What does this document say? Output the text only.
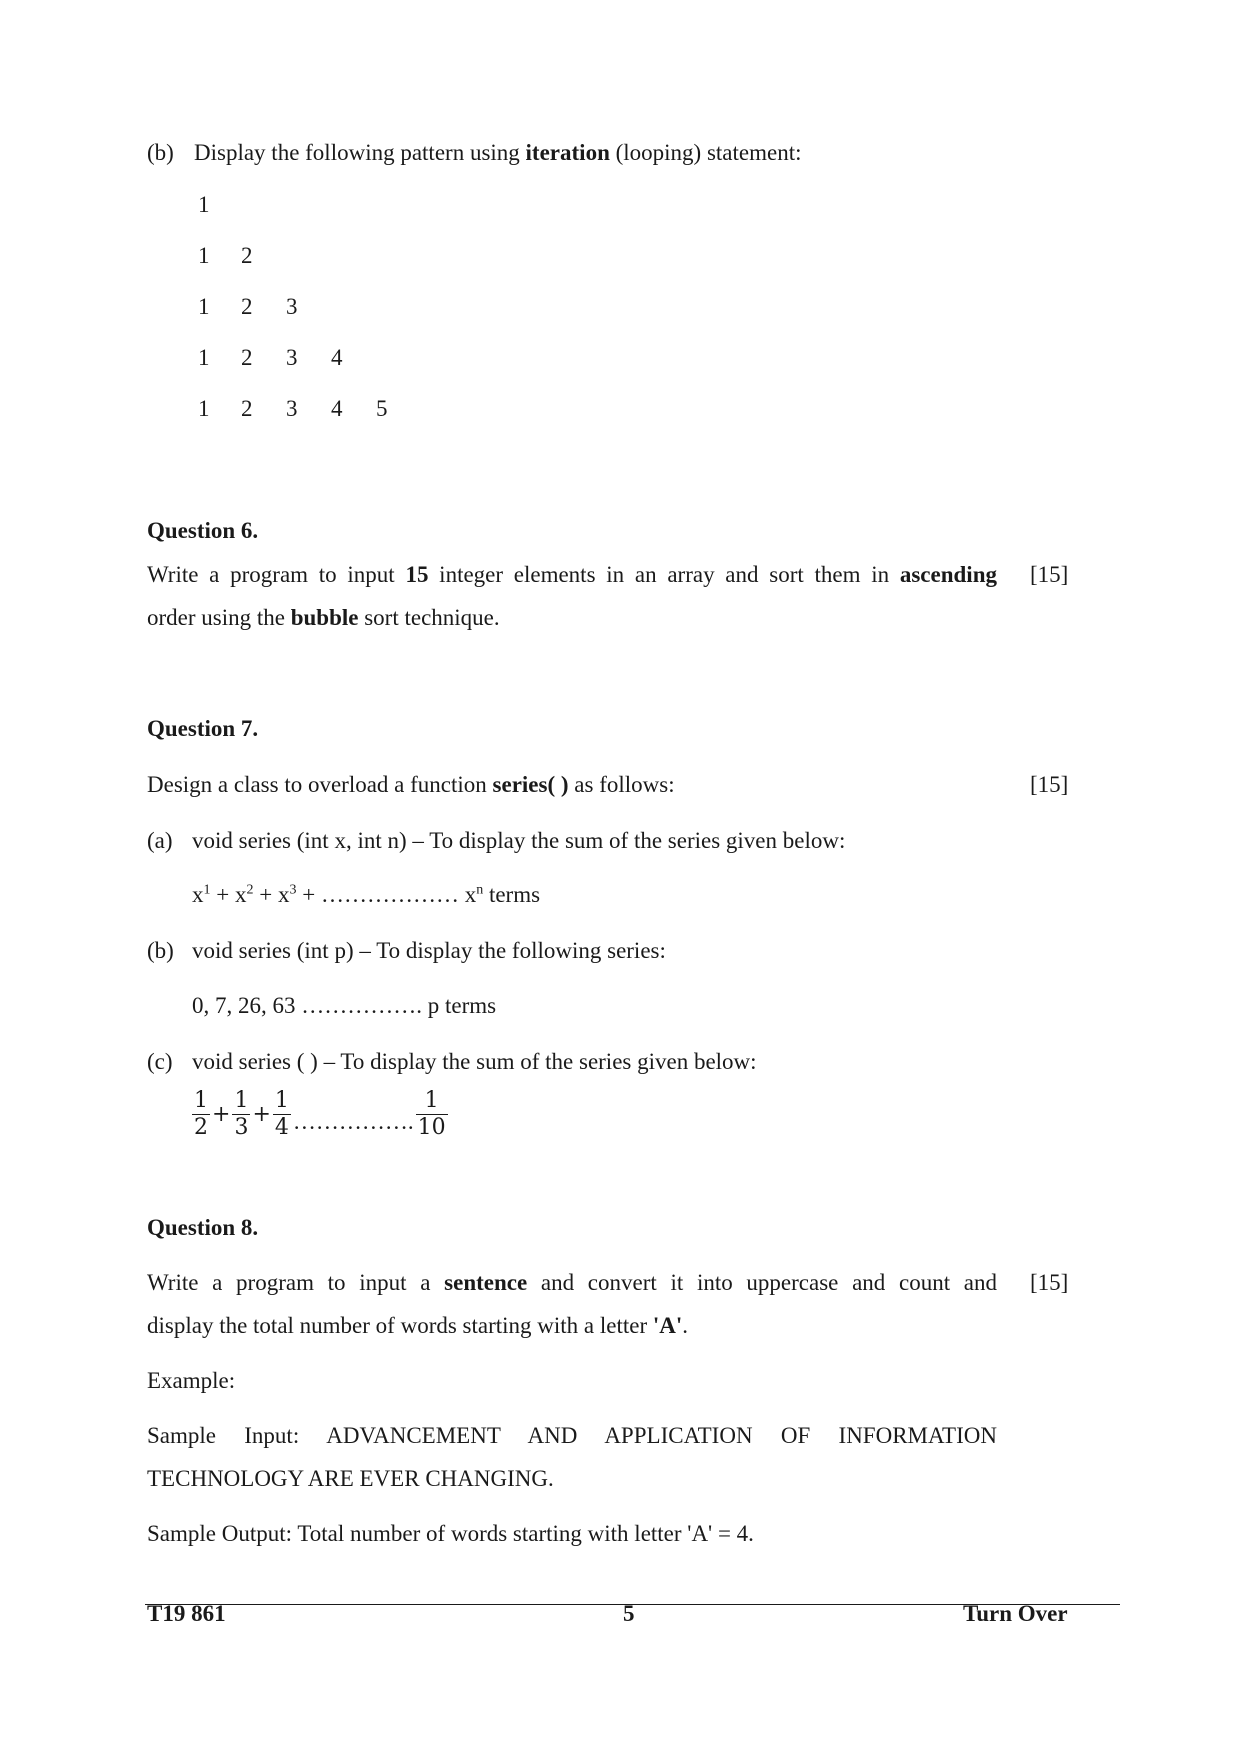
(b) Display the following pattern using iteration (looping) statement:
1
1 2
1 2 3
1 2 3 4
1 2 3 4 5
Question 6.
Write a program to input 15 integer elements in an array and sort them in ascending [15]
order using the bubble sort technique.
Question 7.
Design a class to overload a function series( ) as follows:	[15]
(a) void series (int x, int n) – To display the sum of the series given below:
$x^1 + x^2 + x^3$ + ……………… $x^n$ terms
(b) void series (int p) – To display the following series:
0, 7, 26, 63 ……………. p terms
(c) void series ( ) – To display the sum of the series given below:
$\frac{1}{2} + \frac{1}{3} + \frac{1}{4}$ ……………. $\frac{1}{10}$
Question 8.
Write a program to input a sentence and convert it into uppercase and count and [15]
display the total number of words starting with a letter 'A'.
Example:
Sample Input: ADVANCEMENT AND APPLICATION OF INFORMATION
TECHNOLOGY ARE EVER CHANGING.
Sample Output: Total number of words starting with letter 'A' = 4.
T19 861	5	Turn Over
